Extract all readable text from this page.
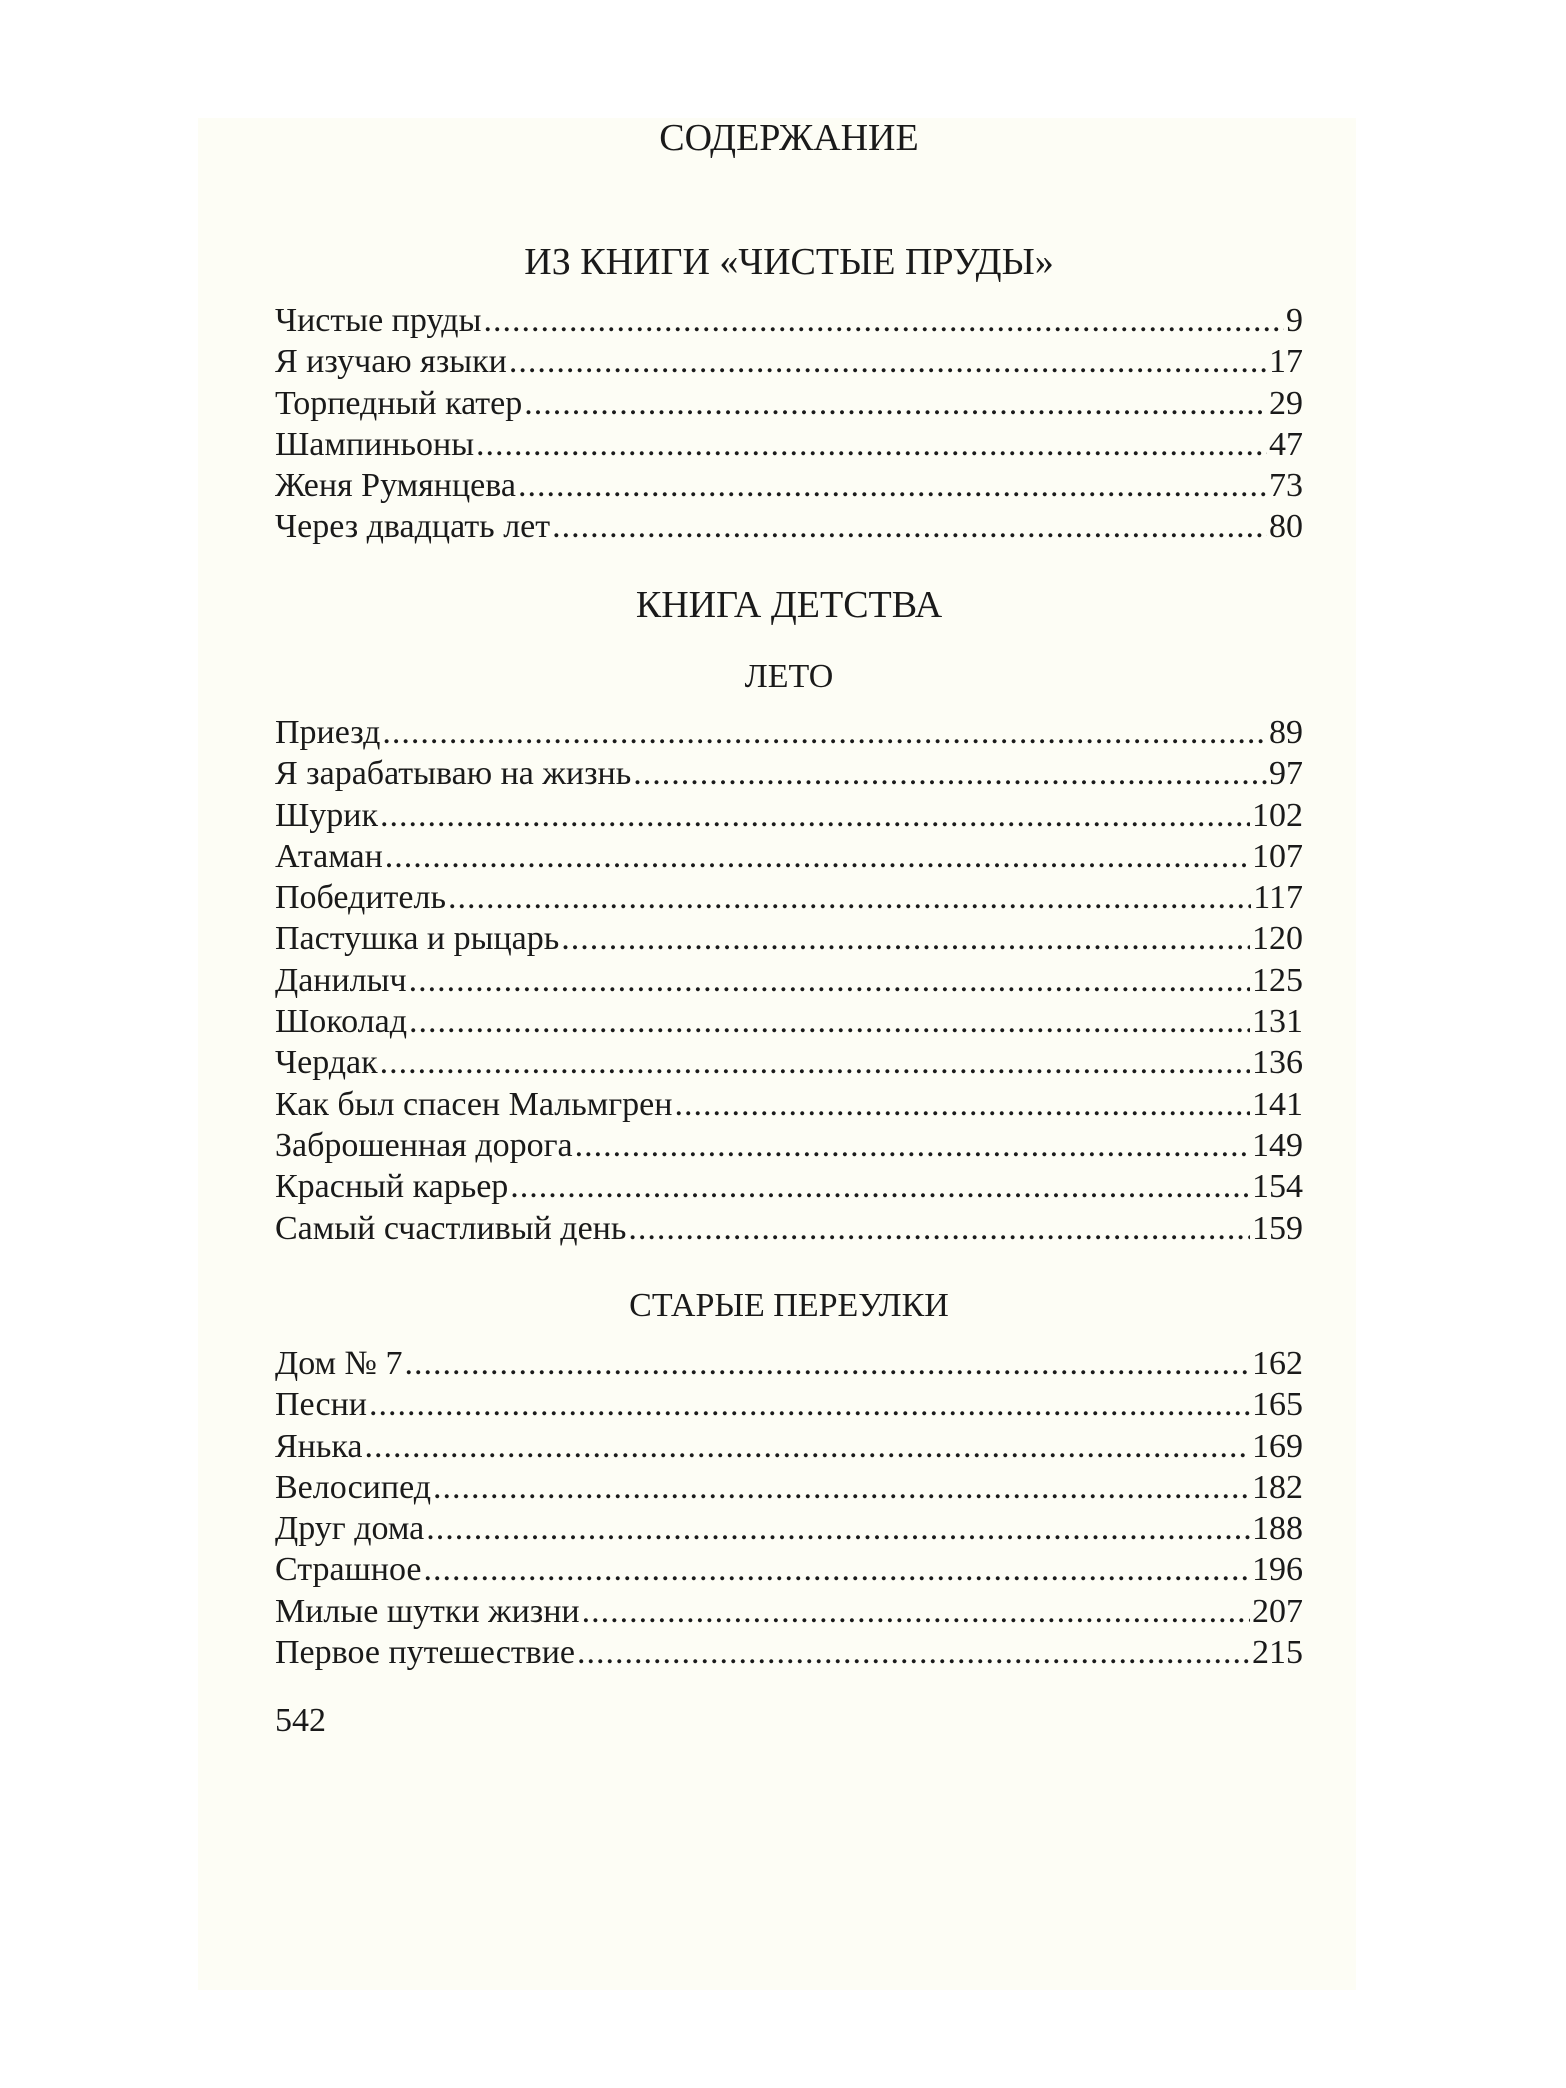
СОДЕРЖАНИЕ
ИЗ КНИГИ «ЧИСТЫЕ ПРУДЫ»
Чистые пруды .....	9
Я изучаю языки .....	17
Торпедный катер .....	29
Шампиньоны .....	47
Женя Румянцева .....	73
Через двадцать лет .....	80
КНИГА ДЕТСТВА
ЛЕТО
Приезд .....	89
Я зарабатываю на жизнь .....	97
Шурик .....	102
Атаман .....	107
Победитель .....	117
Пастушка и рыцарь .....	120
Данилыч .....	125
Шоколад .....	131
Чердак .....	136
Как был спасен Мальмгрен .....	141
Заброшенная дорога .....	149
Красный карьер .....	154
Самый счастливый день .....	159
СТАРЫЕ ПЕРЕУЛКИ
Дом № 7 .....	162
Песни .....	165
Янька .....	169
Велосипед .....	182
Друг дома .....	188
Страшное .....	196
Милые шутки жизни .....	207
Первое путешествие .....	215
542
